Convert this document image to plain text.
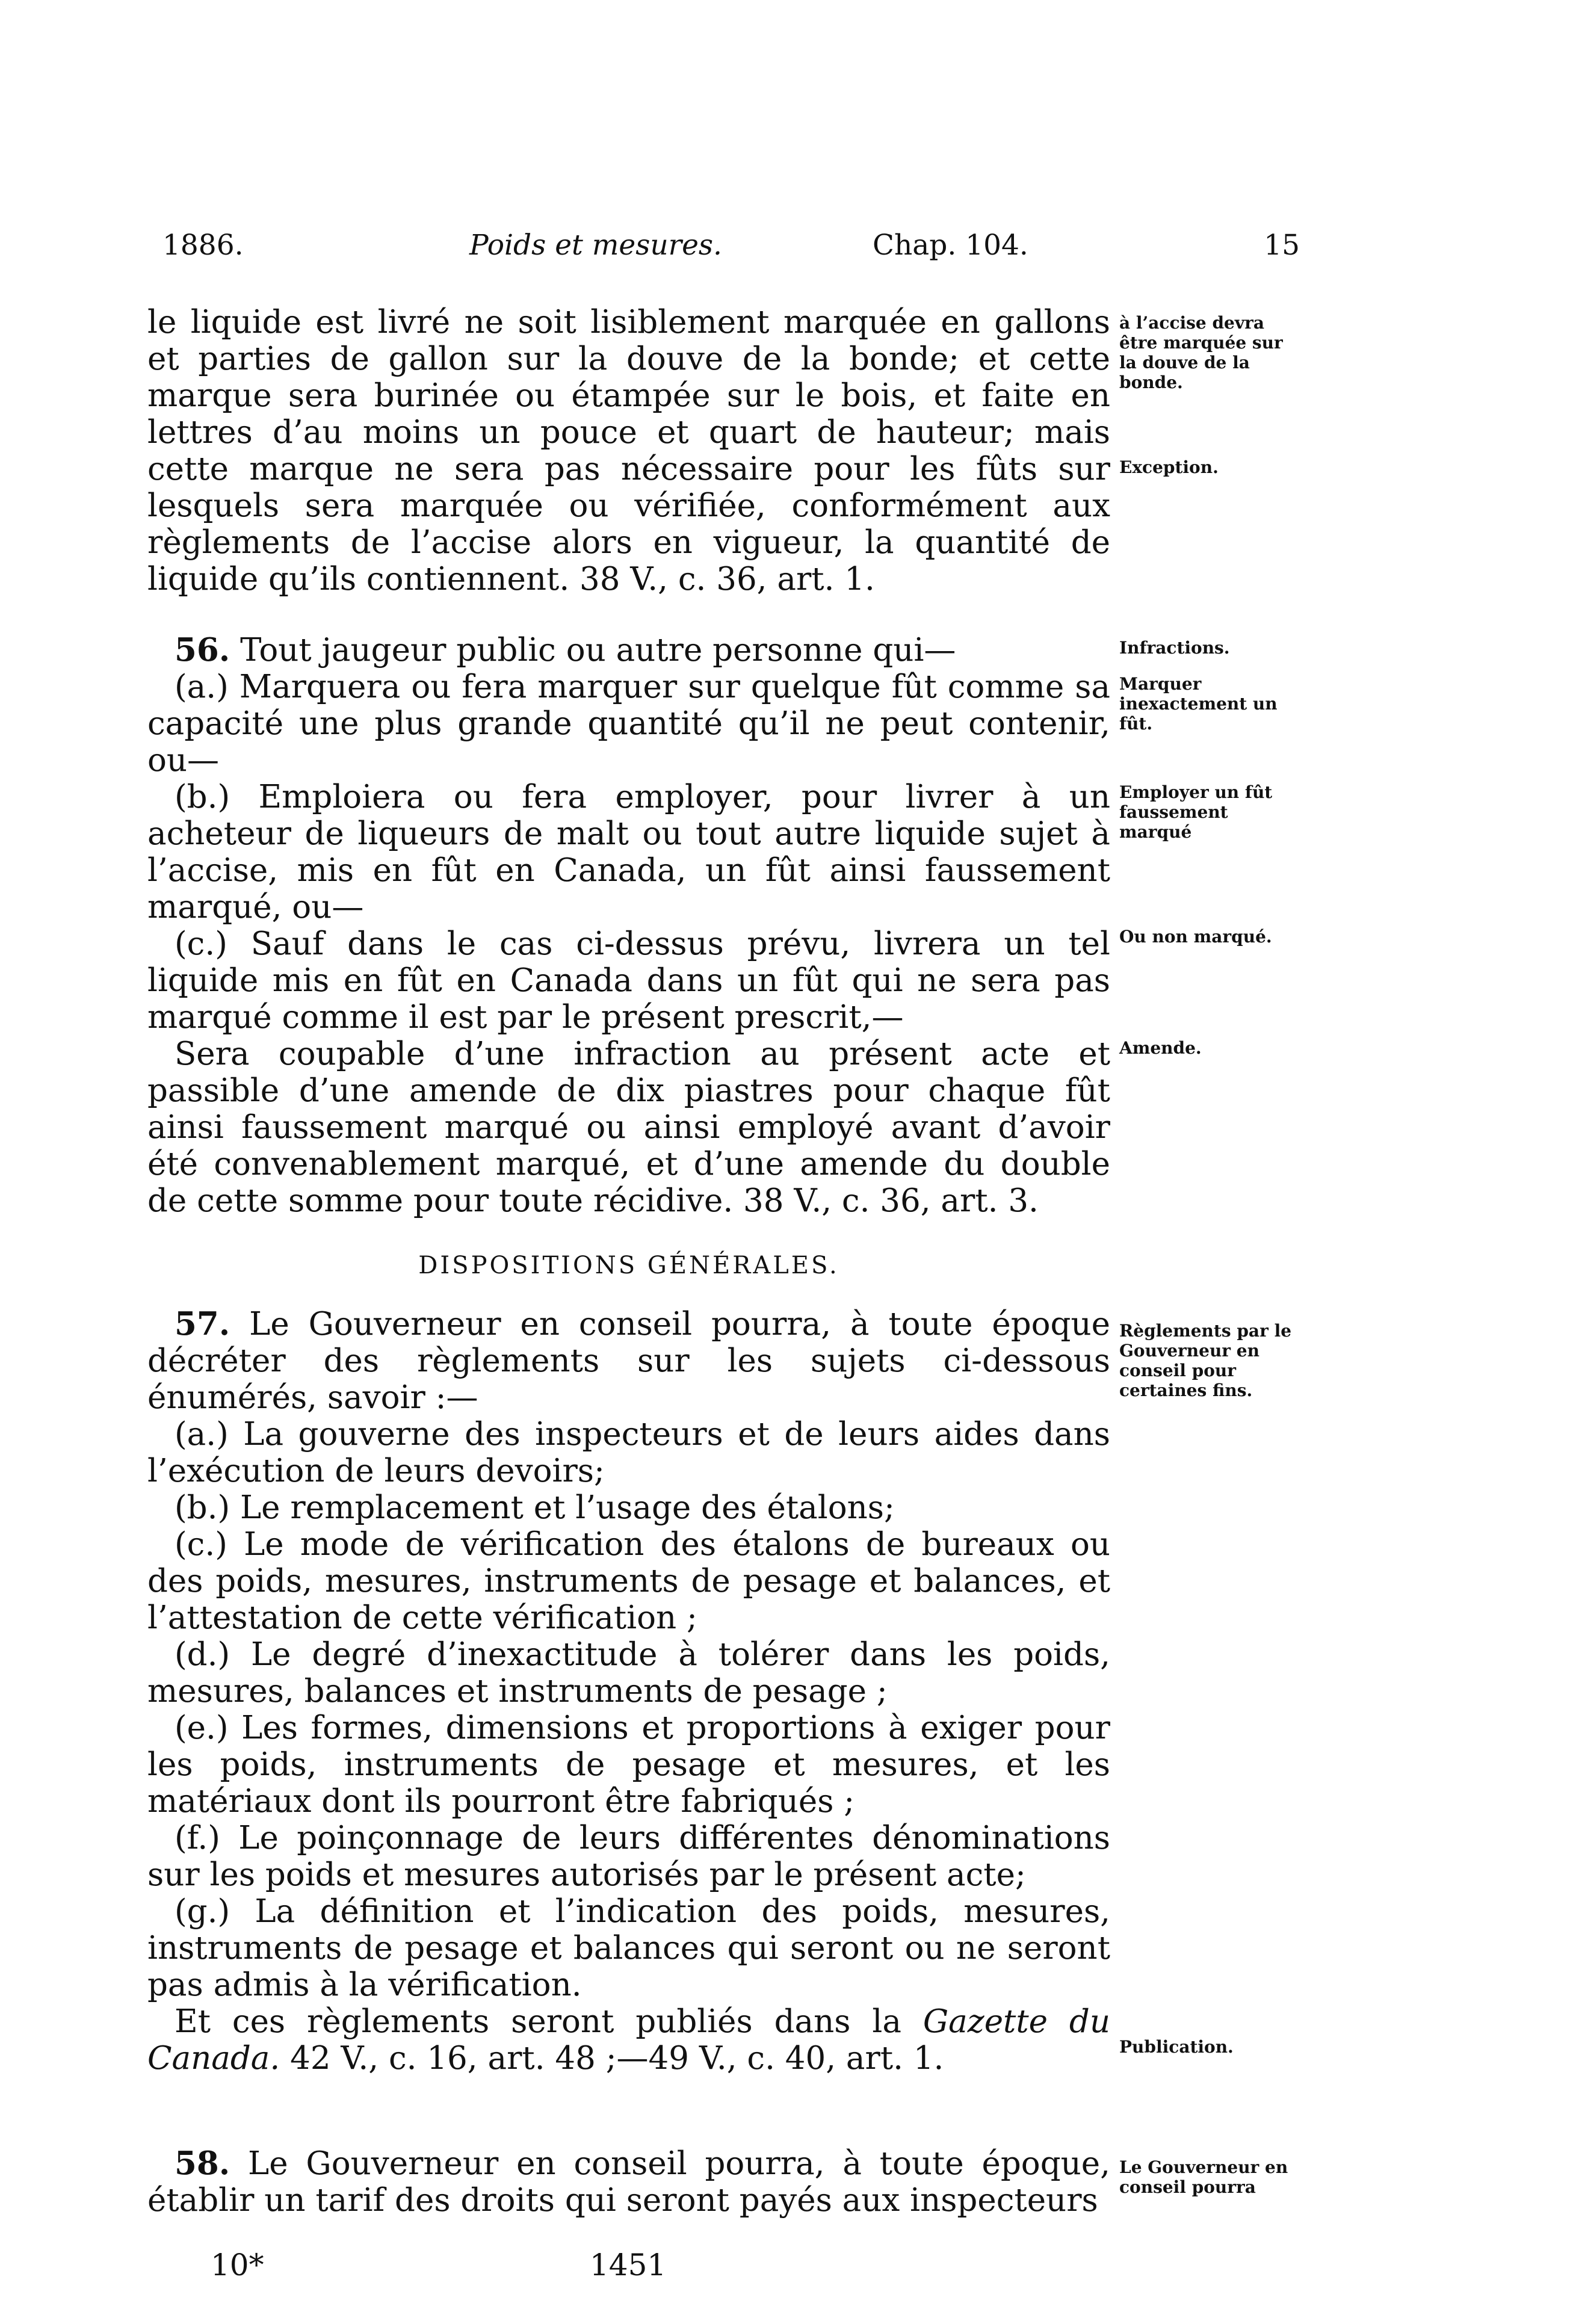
1886.	Poids et mesures.	Chap. 104.	15

le liquide est livré ne soit lisiblement marquée en gallons et parties de gallon sur la douve de la bonde; et cette marque sera burinée ou étampée sur le bois, et faite en lettres d’au moins un pouce et quart de hauteur; mais cette marque ne sera pas nécessaire pour les fûts sur lesquels sera marquée ou vérifiée, conformément aux règlements de l’accise alors en vigueur, la quantité de liquide qu’ils contiennent. 38 V., c. 36, art. 1.

56. Tout jaugeur public ou autre personne qui—

(a.) Marquera ou fera marquer sur quelque fût comme sa capacité une plus grande quantité qu’il ne peut contenir, ou—

(b.) Emploiera ou fera employer, pour livrer à un acheteur de liqueurs de malt ou tout autre liquide sujet à l’accise, mis en fût en Canada, un fût ainsi faussement marqué, ou—

(c.) Sauf dans le cas ci-dessus prévu, livrera un tel liquide mis en fût en Canada dans un fût qui ne sera pas marqué comme il est par le présent prescrit,—

Sera coupable d’une infraction au présent acte et passible d’une amende de dix piastres pour chaque fût ainsi faussement marqué ou ainsi employé avant d’avoir été convenablement marqué, et d’une amende du double de cette somme pour toute récidive. 38 V., c. 36, art. 3.

DISPOSITIONS GÉNÉRALES.

57. Le Gouverneur en conseil pourra, à toute époque décréter des règlements sur les sujets ci-dessous énumérés, savoir :—

(a.) La gouverne des inspecteurs et de leurs aides dans l’exécution de leurs devoirs;

(b.) Le remplacement et l’usage des étalons;

(c.) Le mode de vérification des étalons de bureaux ou des poids, mesures, instruments de pesage et balances, et l’attestation de cette vérification ;

(d.) Le degré d’inexactitude à tolérer dans les poids, mesures, balances et instruments de pesage ;

(e.) Les formes, dimensions et proportions à exiger pour les poids, instruments de pesage et mesures, et les matériaux dont ils pourront être fabriqués ;

(f.) Le poinçonnage de leurs différentes dénominations sur les poids et mesures autorisés par le présent acte;

(g.) La définition et l’indication des poids, mesures, instruments de pesage et balances qui seront ou ne seront pas admis à la vérification.

Et ces règlements seront publiés dans la Gazette du Canada. 42 V., c. 16, art. 48 ;—49 V., c. 40, art. 1.

58. Le Gouverneur en conseil pourra, à toute époque, établir un tarif des droits qui seront payés aux inspecteurs

à l’accise devra être marquée sur la douve de la bonde.
Exception.
Infractions.
Marquer inexactement un fût.
Employer un fût faussement marqué
Ou non marqué.
Amende.
Règlements par le Gouverneur en conseil pour certaines fins.
Publication.
Le Gouverneur en conseil pourra
10*	1451
